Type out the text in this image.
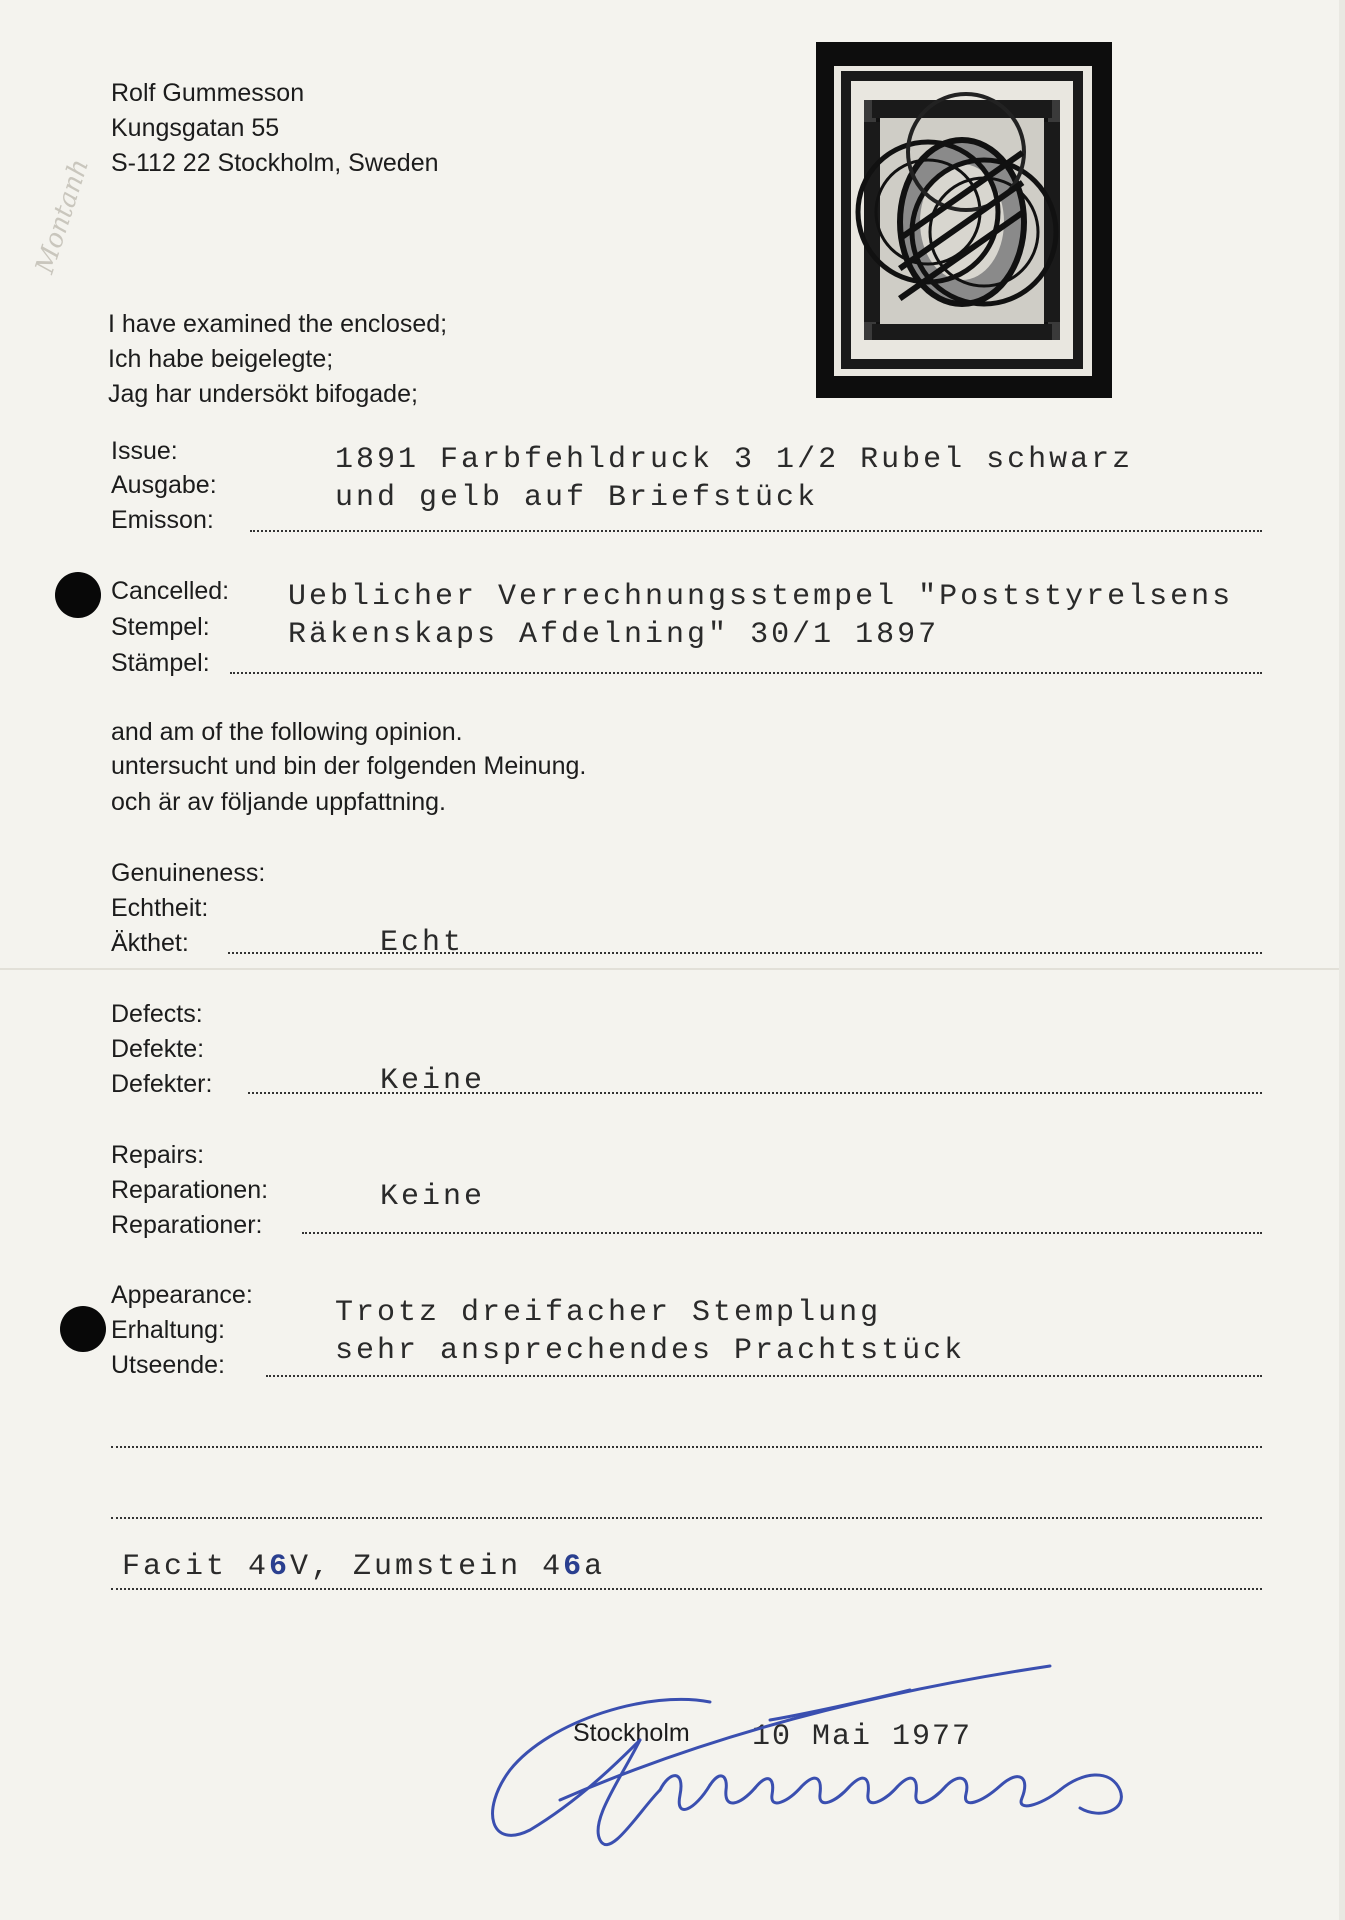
Montanh
Rolf Gummesson
Kungsgatan 55
S-112 22 Stockholm, Sweden
I have examined the enclosed;
Ich habe beigelegte;
Jag har undersökt bifogade;
Issue:
Ausgabe:
Emisson:
1891 Farbfehldruck 3 1/2 Rubel schwarz
und gelb auf Briefstück
Cancelled:
Stempel:
Stämpel:
Ueblicher Verrechnungsstempel "Poststyrelsens
Räkenskaps Afdelning" 30/1 1897
and am of the following opinion.
untersucht und bin der folgenden Meinung.
och är av följande uppfattning.
Genuineness:
Echtheit:
Äkthet:	Echt
Defects:
Defekte:
Defekter:	Keine
Repairs:
Reparationen:
Reparationer:
Keine
Appearance:
Erhaltung:
Utseende:
Trotz dreifacher Stemplung
sehr ansprechendes Prachtstück
Facit 46V, Zumstein 46a
Stockholm 10 Mai 1977
